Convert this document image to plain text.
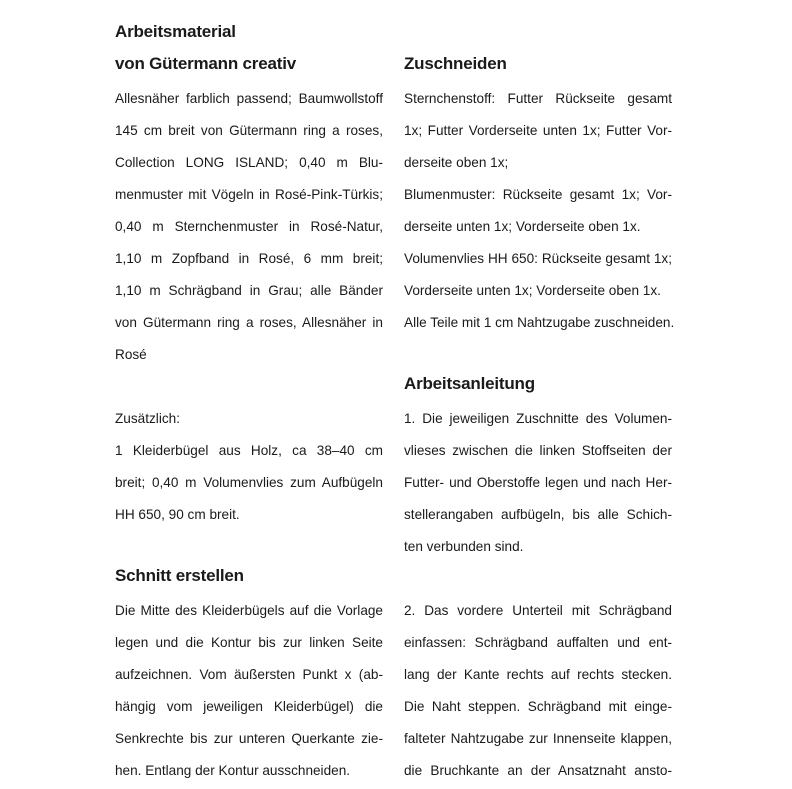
Arbeitsmaterial
von Gütermann creativ
Allesnäher farblich passend; Baumwollstoff
145 cm breit von Gütermann ring a roses,
Collection LONG ISLAND; 0,40 m Blu-
menmuster mit Vögeln in Rosé-Pink-Türkis;
0,40 m Sternchenmuster in Rosé-Natur,
1,10 m Zopfband in Rosé, 6 mm breit;
1,10 m Schrägband in Grau; alle Bänder
von Gütermann ring a roses, Allesnäher in
Rosé
Zusätzlich:
1 Kleiderbügel aus Holz, ca 38–40 cm
breit; 0,40 m Volumenvlies zum Aufbügeln
HH 650, 90 cm breit.
Schnitt erstellen
Die Mitte des Kleiderbügels auf die Vorlage
legen und die Kontur bis zur linken Seite
aufzeichnen. Vom äußersten Punkt x (ab-
hängig vom jeweiligen Kleiderbügel) die
Senkrechte bis zur unteren Querkante zie-
hen. Entlang der Kontur ausschneiden.
Zuschneiden
Sternchenstoff: Futter Rückseite gesamt
1x; Futter Vorderseite unten 1x; Futter Vor-
derseite oben 1x;
Blumenmuster: Rückseite gesamt 1x; Vor-
derseite unten 1x; Vorderseite oben 1x.
Volumenvlies HH 650: Rückseite gesamt 1x;
Vorderseite unten 1x; Vorderseite oben 1x.
Alle Teile mit 1 cm Nahtzugabe zuschneiden.
Arbeitsanleitung
1. Die jeweiligen Zuschnitte des Volumen-
vlieses zwischen die linken Stoffseiten der
Futter- und Oberstoffe legen und nach Her-
stellerangaben aufbügeln, bis alle Schich-
ten verbunden sind.
2. Das vordere Unterteil mit Schrägband
einfassen: Schrägband auffalten und ent-
lang der Kante rechts auf rechts stecken.
Die Naht steppen. Schrägband mit einge-
falteter Nahtzugabe zur Innenseite klappen,
die Bruchkante an der Ansatznaht ansto-
